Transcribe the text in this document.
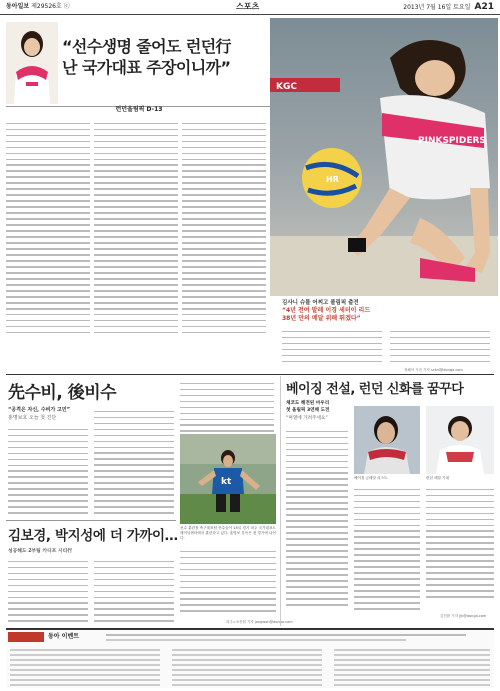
동아일보 제29526호 ⓒ	스포츠	2013년 7월 16일 토요일 A21
“선수생명 줄어도 런던行
난 국가대표 주장이니까”
런던올림픽 D-13
PINKSPIDERS
KGC
HR
김사니 슈를 어찌고 볼림픽 출전
“4년 전여 발레 이경 세터이 리드
38년 만의 메달 위해 뛰겠다”
정해석 사진 기자 scfzil@donga.com
先수비, 後비수
“공격은 자신, 수비가 고민”
홍명보호 오늘 첫 진단
kt
선수 훈련장 축구대표팀 선수들이 15일 경기 파주 국가대표트레이닝센터에서 훈련하고 있다. 홍명보 감독은 첫 경기에 나선다.
파주=조종원 기자 jongwon@donga.com
김보경, 박지성에 더 가까이…
성공해도 2부팀 카디프 시티行
베이징 전설, 런던 신화를 꿈꾸다
체코도 해전된 마우리
첫 올림픽 3연패 도전
“며열에 가려주세요”
베이징 금메달 리스트	런던 메달 기대
김진환 기자 jjh@donga.com
동아 이벤트
